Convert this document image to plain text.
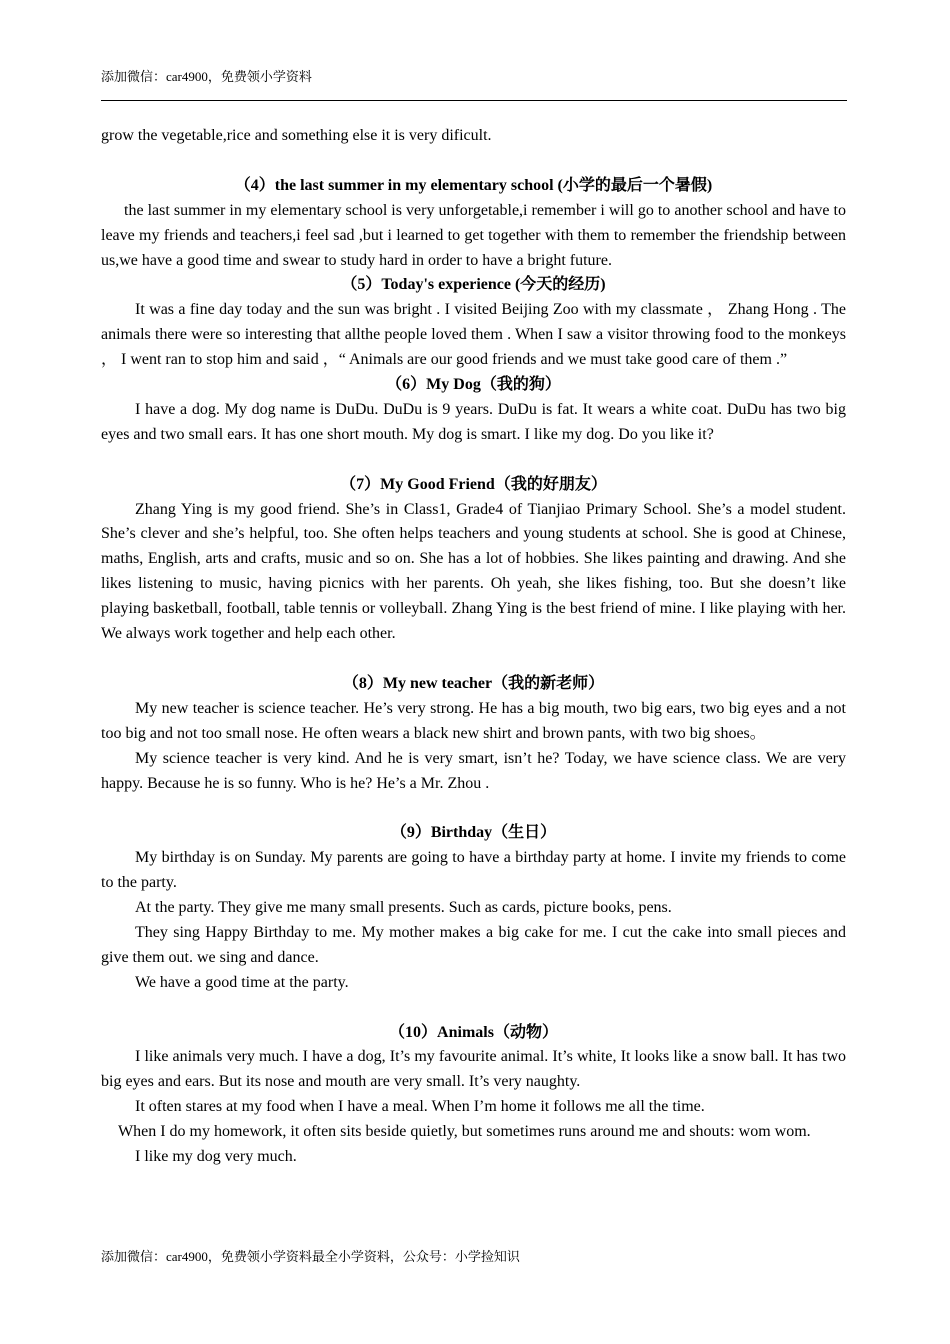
添加微信：car4900，免费领小学资料

grow the vegetable,rice and something else it is very dificult.

（4）the last summer in my elementary school (小学的最后一个暑假)

the last summer in my elementary school is very unforgetable,i remember i will go to another school and have to leave my friends and teachers,i feel sad ,but i learned to get together with them to remember the friendship between us,we have a good time and swear to study hard in order to have a bright future.

（5）Today's experience (今天的经历)

It was a fine day today and the sun was bright . I visited Beijing Zoo with my classmate ， Zhang Hong . The animals there were so interesting that allthe people loved them . When I saw a visitor throwing food to the monkeys ， I went ran to stop him and said ，“ Animals are our good friends and we must take good care of them .”

（6）My Dog（我的狗）

I have a dog. My dog name is DuDu. DuDu is 9 years. DuDu is fat. It wears a white coat. DuDu has two big eyes and two small ears. It has one short mouth. My dog is smart. I like my dog. Do you like it?

（7）My Good Friend（我的好朋友）

Zhang Ying is my good friend. She’s in Class1, Grade4 of Tianjiao Primary School. She’s a model student. She’s clever and she’s helpful, too. She often helps teachers and young students at school. She is good at Chinese, maths, English, arts and crafts, music and so on. She has a lot of hobbies. She likes painting and drawing. And she likes listening to music, having picnics with her parents. Oh yeah, she likes fishing, too. But she doesn’t like playing basketball, football, table tennis or volleyball. Zhang Ying is the best friend of mine. I like playing with her. We always work together and help each other.

（8）My new teacher（我的新老师）

My new teacher is science teacher. He’s very strong. He has a big mouth, two big ears, two big eyes and a not too big and not too small nose. He often wears a black new shirt and brown pants, with two big shoes。

My science teacher is very kind. And he is very smart, isn’t he? Today, we have science class. We are very happy. Because he is so funny. Who is he? He’s a Mr. Zhou .

（9）Birthday（生日）

My birthday is on Sunday. My parents are going to have a birthday party at home. I invite my friends to come to the party.

At the party. They give me many small presents. Such as cards, picture books, pens.

They sing Happy Birthday to me. My mother makes a big cake for me. I cut the cake into small pieces and give them out. we sing and dance.

We have a good time at the party.

（10）Animals（动物）

I like animals very much. I have a dog, It’s my favourite animal. It’s white, It looks like a snow ball. It has two big eyes and ears. But its nose and mouth are very small. It’s very naughty.

It often stares at my food when I have a meal. When I’m home it follows me all the time.

When I do my homework, it often sits beside quietly, but sometimes runs around me and shouts: wom wom.

I like my dog very much.

添加微信：car4900，免费领小学资料最全小学资料，公众号：小学捡知识
